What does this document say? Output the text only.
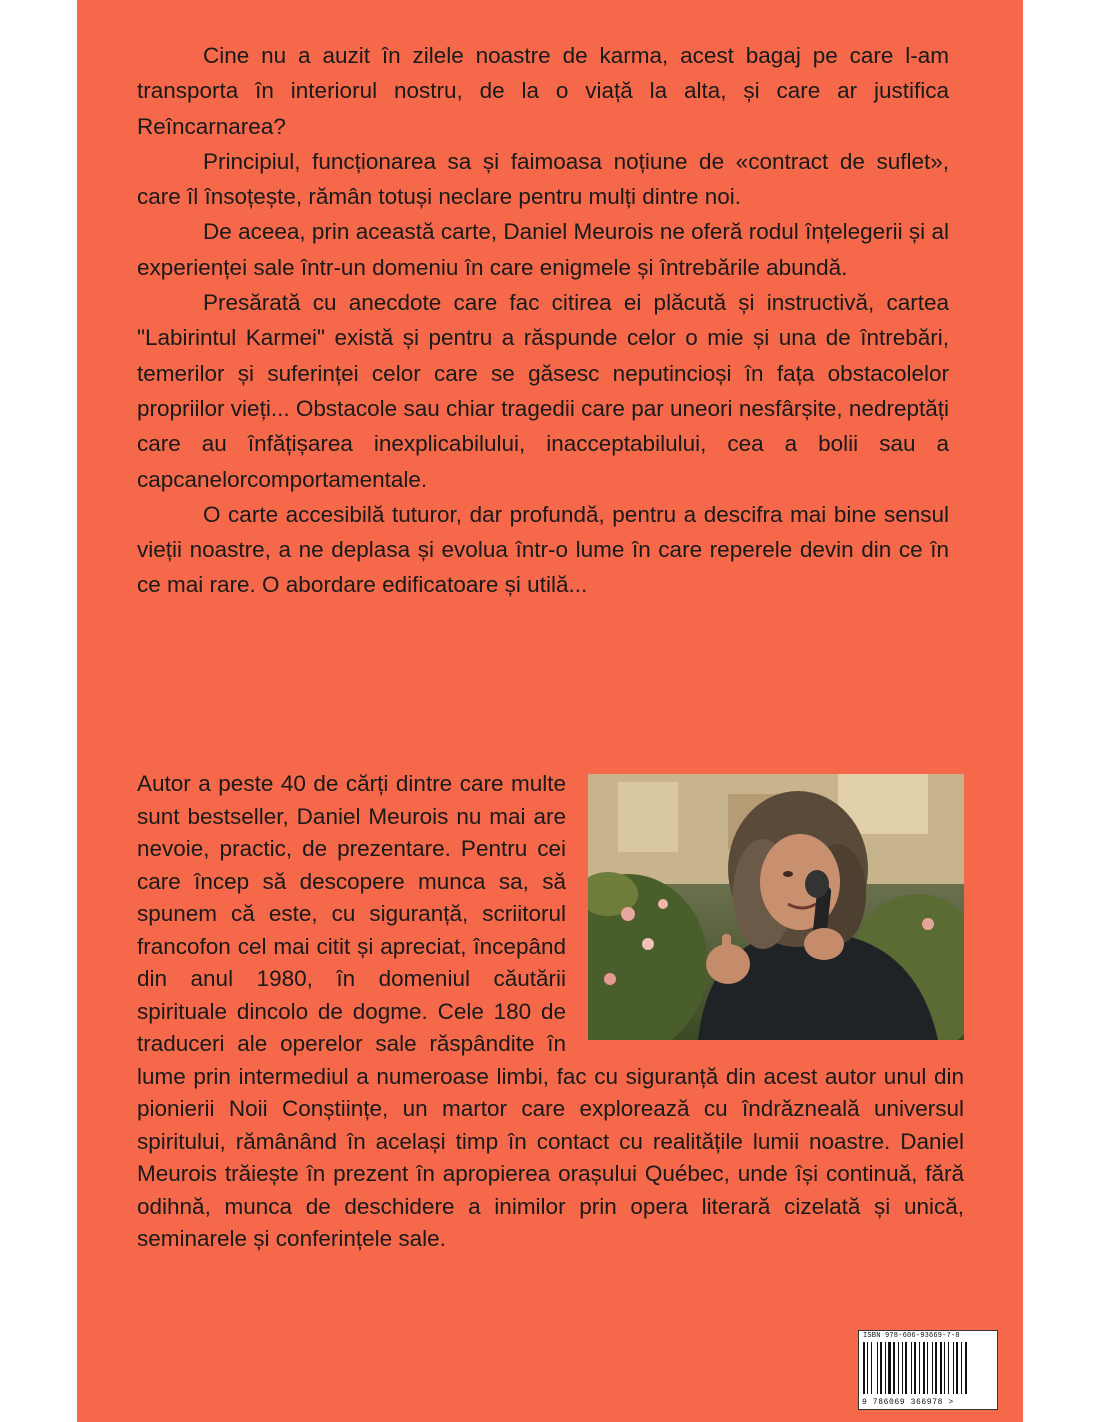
Cine nu a auzit în zilele noastre de karma, acest bagaj pe care l-am transporta în interiorul nostru, de la o viață la alta, și care ar justifica Reîncarnarea?

Principiul, funcționarea sa și faimoasa noțiune de «contract de suflet», care îl însoțește, rămân totuși neclare pentru mulți dintre noi.

De aceea, prin această carte, Daniel Meurois ne oferă rodul înțelegerii și al experienței sale într-un domeniu în care enigmele și întrebările abundă.

Presărată cu anecdote care fac citirea ei plăcută și instructivă, cartea "Labirintul Karmei" există și pentru a răspunde celor o mie și una de întrebări, temerilor și suferinței celor care se găsesc neputincioși în fața obstacolelor propriilor vieți... Obstacole sau chiar tragedii care par uneori nesfârșite, nedreptăți care au înfățișarea inexplicabilului, inacceptabilului, cea a bolii sau a capcanelorcomportamentale.

O carte accesibilă tuturor, dar profundă, pentru a descifra mai bine sensul vieții noastre, a ne deplasa și evolua într-o lume în care reperele devin din ce în ce mai rare. O abordare edificatoare și utilă...

Autor a peste 40 de cărți dintre care multe sunt bestseller, Daniel Meurois nu mai are nevoie, practic, de prezentare. Pentru cei care încep să descopere munca sa, să spunem că este, cu siguranță, scriitorul francofon cel mai citit și apreciat, începând din anul 1980, în domeniul căutării spirituale dincolo de dogme. Cele 180 de traduceri ale operelor sale răspândite în lume prin intermediul a numeroase limbi, fac cu siguranță din acest autor unul din pionierii Noii Conștiințe, un martor care explorează cu îndrăzneală universul spiritului, rămânând în același timp în contact cu realitățile lumii noastre. Daniel Meurois trăiește în prezent în apropierea orașului Québec, unde își continuă, fără odihnă, munca de deschidere a inimilor prin opera literară cizelată și unică, seminarele și conferințele sale.

ISBN 978-606-93669-7-8
9 786069 366978 >
